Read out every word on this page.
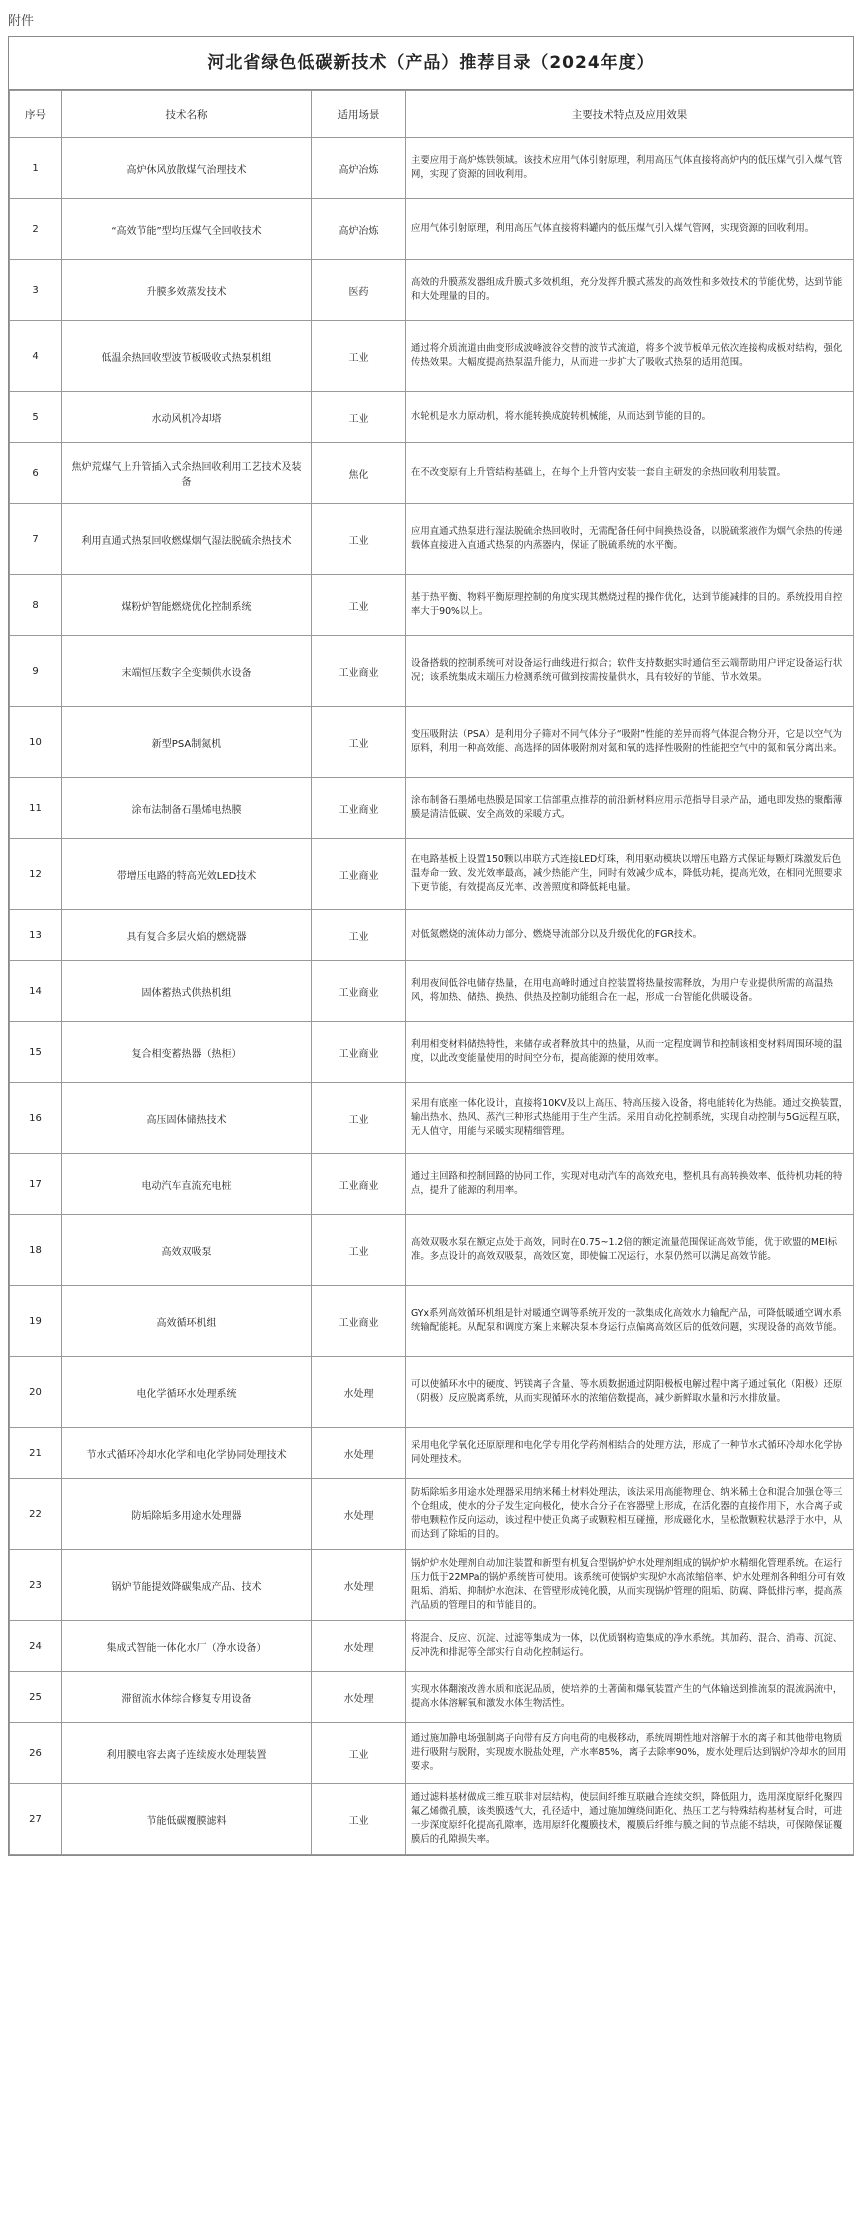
附件
河北省绿色低碳新技术（产品）推荐目录（2024年度）
序号	技术名称	适用场景	主要技术特点及应用效果
1	高炉休风放散煤气治理技术	高炉冶炼	主要应用于高炉炼铁领域。该技术应用气体引射原理，利用高压气体直接将高炉内的低压煤气引入煤气管网，实现了资源的回收利用。
2	“高效节能”型均压煤气全回收技术	高炉冶炼	应用气体引射原理，利用高压气体直接将料罐内的低压煤气引入煤气管网，实现资源的回收利用。
3	升膜多效蒸发技术	医药	高效的升膜蒸发器组成升膜式多效机组，充分发挥升膜式蒸发的高效性和多效技术的节能优势，达到节能和大处理量的目的。
4	低温余热回收型波节板吸收式热泵机组	工业	通过将介质流道由曲变形成波峰波谷交替的波节式流道，将多个波节板单元依次连接构成板对结构，强化传热效果。大幅度提高热泵温升能力，从而进一步扩大了吸收式热泵的适用范围。
5	水动风机冷却塔	工业	水轮机是水力原动机，将水能转换成旋转机械能，从而达到节能的目的。
6	焦炉荒煤气上升管插入式余热回收利用工艺技术及装备	焦化	在不改变原有上升管结构基础上，在每个上升管内安装一套自主研发的余热回收利用装置。
7	利用直通式热泵回收燃煤烟气湿法脱硫余热技术	工业	应用直通式热泵进行湿法脱硫余热回收时，无需配备任何中间换热设备，以脱硫浆液作为烟气余热的传递载体直接进入直通式热泵的内蒸器内，保证了脱硫系统的水平衡。
8	煤粉炉智能燃烧优化控制系统	工业	基于热平衡、物料平衡原理控制的角度实现其燃烧过程的操作优化，达到节能减排的目的。系统投用自控率大于90%以上。
9	末端恒压数字全变频供水设备	工业商业	设备搭载的控制系统可对设备运行曲线进行拟合；软件支持数据实时通信至云端帮助用户评定设备运行状况；该系统集成末端压力检测系统可做到按需按量供水，具有较好的节能、节水效果。
10	新型PSA制氮机	工业	变压吸附法（PSA）是利用分子筛对不同气体分子“吸附”性能的差异而将气体混合物分开，它是以空气为原料，利用一种高效能、高选择的固体吸附剂对氮和氧的选择性吸附的性能把空气中的氮和氧分离出来。
11	涂布法制备石墨烯电热膜	工业商业	涂布制备石墨烯电热膜是国家工信部重点推荐的前沿新材料应用示范指导目录产品，通电即发热的聚酯薄膜是清洁低碳、安全高效的采暖方式。
12	带增压电路的特高光效LED技术	工业商业	在电路基板上设置150颗以串联方式连接LED灯珠，利用驱动模块以增压电路方式保证每颗灯珠激发后色温寿命一致、发光效率最高，减少热能产生，同时有效减少成本，降低功耗，提高光效，在相同光照要求下更节能，有效提高反光率、改善照度和降低耗电量。
13	具有复合多层火焰的燃烧器	工业	对低氮燃烧的流体动力部分、燃烧导流部分以及升级优化的FGR技术。
14	固体蓄热式供热机组	工业商业	利用夜间低谷电储存热量，在用电高峰时通过自控装置将热量按需释放，为用户专业提供所需的高温热风，将加热、储热、换热、供热及控制功能组合在一起，形成一台智能化供暖设备。
15	复合相变蓄热器（热柜）	工业商业	利用相变材料储热特性，来储存或者释放其中的热量，从而一定程度调节和控制该相变材料周围环境的温度，以此改变能量使用的时间空分布，提高能源的使用效率。
16	高压固体储热技术	工业	采用有底座一体化设计，直接将10KV及以上高压、特高压接入设备，将电能转化为热能。通过交换装置，输出热水、热风、蒸汽三种形式热能用于生产生活。采用自动化控制系统，实现自动控制与5G远程互联，无人值守，用能与采暖实现精细管理。
17	电动汽车直流充电桩	工业商业	通过主回路和控制回路的协同工作，实现对电动汽车的高效充电，整机具有高转换效率、低待机功耗的特点，提升了能源的利用率。
18	高效双吸泵	工业	高效双吸水泵在额定点处于高效，同时在0.75~1.2倍的额定流量范围保证高效节能，优于欧盟的MEI标准。多点设计的高效双吸泵，高效区宽，即使偏工况运行，水泵仍然可以满足高效节能。
19	高效循环机组	工业商业	GYx系列高效循环机组是针对暖通空调等系统开发的一款集成化高效水力输配产品，可降低暖通空调水系统输配能耗。从配泵和调度方案上来解决泵本身运行点偏离高效区后的低效问题，实现设备的高效节能。
20	电化学循环水处理系统	水处理	可以使循环水中的硬度、钙镁离子含量、等水质数据通过阴阳极板电解过程中离子通过氧化（阳极）还原（阴极）反应脱离系统，从而实现循环水的浓缩倍数提高，减少新鲜取水量和污水排放量。
21	节水式循环冷却水化学和电化学协同处理技术	水处理	采用电化学氧化还原原理和电化学专用化学药剂相结合的处理方法，形成了一种节水式循环冷却水化学协同处理技术。
22	防垢除垢多用途水处理器	水处理	防垢除垢多用途水处理器采用纳米稀土材料处理法，该法采用高能物理仓、纳米稀土仓和混合加强仓等三个仓组成，使水的分子发生定向极化，使水合分子在容器壁上形成，在活化器的直接作用下，水合离子或带电颗粒作反向运动，该过程中使正负离子或颗粒相互碰撞，形成磁化水，呈松散颗粒状悬浮于水中，从而达到了除垢的目的。
23	锅炉节能提效降碳集成产品、技术	水处理	锅炉炉水处理剂自动加注装置和新型有机复合型锅炉炉水处理剂组成的锅炉炉水精细化管理系统。在运行压力低于22MPa的锅炉系统皆可使用。该系统可使锅炉实现炉水高浓缩倍率、炉水处理剂各种组分可有效阻垢、消垢、抑制炉水泡沫、在管壁形成钝化膜，从而实现锅炉管理的阻垢、防腐、降低排污率，提高蒸汽品质的管理目的和节能目的。
24	集成式智能一体化水厂（净水设备）	水处理	将混合、反应、沉淀、过滤等集成为一体，以优质钢构造集成的净水系统。其加药、混合、消毒、沉淀、反冲洗和排泥等全部实行自动化控制运行。
25	滞留流水体综合修复专用设备	水处理	实现水体翻滚改善水质和底泥品质，使培养的土著菌和爆氧装置产生的气体输送到推流泵的混流涡流中，提高水体溶解氧和激发水体生物活性。
26	利用膜电容去离子连续废水处理装置	工业	通过施加静电场强制离子向带有反方向电荷的电极移动，系统周期性地对溶解于水的离子和其他带电物质进行吸附与脱附，实现废水脱盐处理，产水率85%，离子去除率90%，废水处理后达到锅炉冷却水的回用要求。
27	节能低碳覆膜滤料	工业	通过滤料基材做成三维互联非对层结构，使层间纤维互联融合连续交织，降低阻力，选用深度原纤化聚四氟乙烯微孔膜，该类膜透气大，孔径适中，通过施加缠绕间距化、热压工艺与特殊结构基材复合时，可进一步深度原纤化提高孔隙率，选用原纤化覆膜技术，覆膜后纤维与膜之间的节点能不结块，可保障保证覆膜后的孔隙损失率。
